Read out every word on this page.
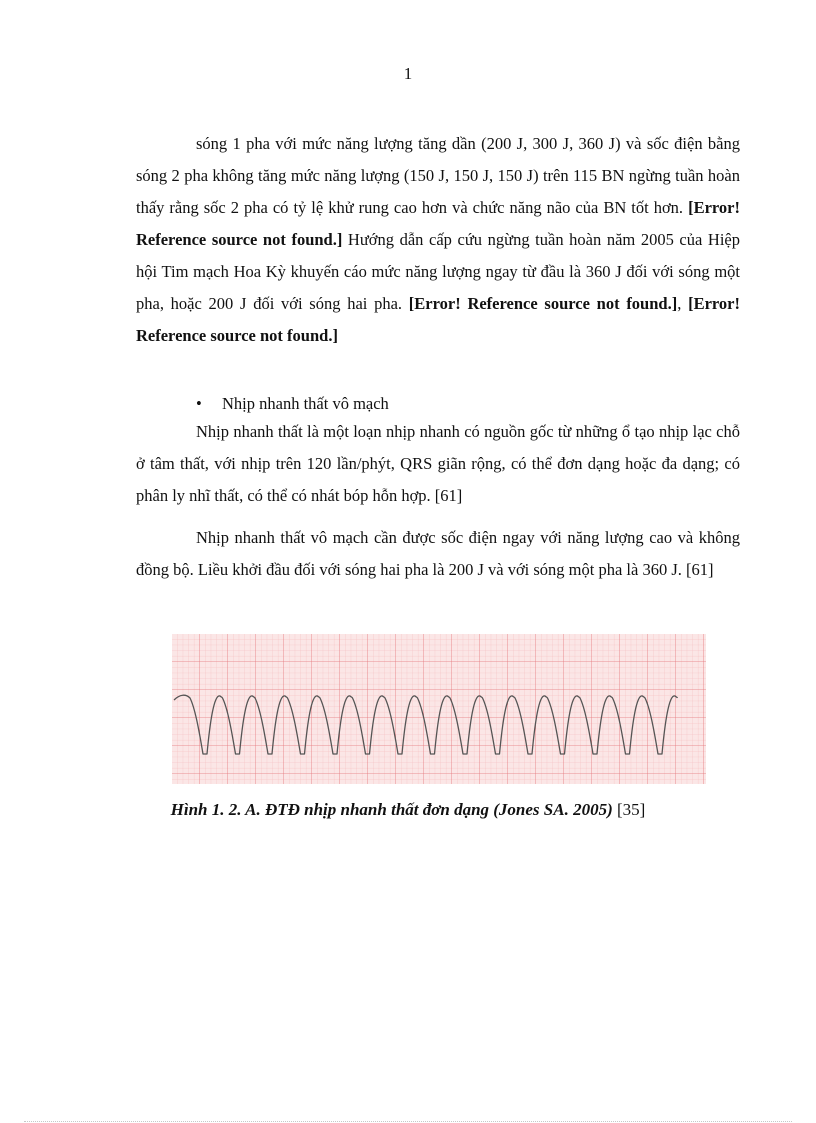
1

sóng 1 pha với mức năng lượng tăng dần (200 J, 300 J, 360 J) và sốc điện bằng sóng 2 pha không tăng mức năng lượng (150 J, 150 J, 150 J) trên 115 BN ngừng tuần hoàn thấy rằng sốc 2 pha có tỷ lệ khử rung cao hơn và chức năng não của BN tốt hơn. [Error! Reference source not found.] Hướng dẫn cấp cứu ngừng tuần hoàn năm 2005 của Hiệp hội Tim mạch Hoa Kỳ khuyến cáo mức năng lượng ngay từ đầu là 360 J đối với sóng một pha, hoặc 200 J đối với sóng hai pha. [Error! Reference source not found.], [Error! Reference source not found.]

• Nhịp nhanh thất vô mạch

Nhịp nhanh thất là một loạn nhịp nhanh có nguồn gốc từ những ổ tạo nhịp lạc chỗ ở tâm thất, với nhịp trên 120 lần/phýt, QRS giãn rộng, có thể đơn dạng hoặc đa dạng; có phân ly nhĩ thất, có thể có nhát bóp hỗn hợp. [61]

Nhịp nhanh thất vô mạch cần được sốc điện ngay với năng lượng cao và không đồng bộ. Liều khởi đầu đối với sóng hai pha là 200 J và với sóng một pha là 360 J. [61]

Hình 1. 2. A. ĐTĐ nhịp nhanh thất đơn dạng (Jones SA. 2005) [35]
